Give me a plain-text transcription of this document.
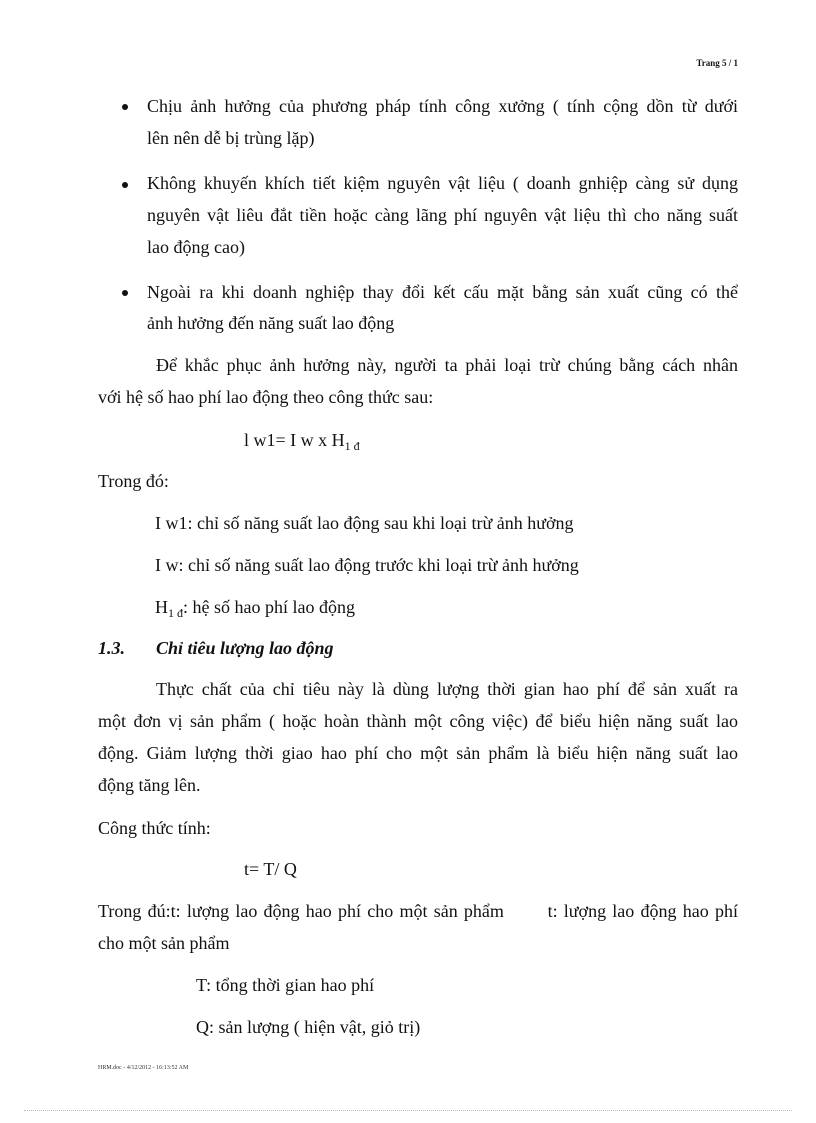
Trang 5 / 1
Chịu ảnh hưởng của phương pháp tính công xưởng ( tính cộng dồn từ dưới
lên nên dễ bị trùng lặp)
Không khuyến khích tiết kiệm nguyên vật liệu ( doanh gnhiệp càng sử dụng
nguyên vật liêu đắt tiền hoặc càng lãng phí nguyên vật liệu thì cho năng suất
lao động cao)
Ngoài ra khi doanh nghiệp thay đổi kết cấu mặt bằng sản xuất cũng có thể
ảnh hưởng đến năng suất lao động
Để khắc phục ảnh hưởng này, người ta phải loại trừ chúng bằng cách nhân
với hệ số hao phí lao động theo công thức sau:
l w1= I w x $H_{1 đ}$
Trong đó:
I w1: chỉ số năng suất lao động sau khi loại trừ ảnh hưởng
I w: chỉ số năng suất lao động trước khi loại trừ ảnh hưởng
$H_{1 đ}$: hệ số hao phí lao động
1.3. Chỉ tiêu lượng lao động
Thực chất của chỉ tiêu này là dùng lượng thời gian hao phí để sản xuất ra
một đơn vị sản phẩm ( hoặc hoàn thành một công việc) để biểu hiện năng suất lao
động. Giảm lượng thời giao hao phí cho một sản phẩm là biểu hiện năng suất lao
động tăng lên.
Công thức tính:
t= T/ Q
Trong đú:t: lượng lao động hao phí cho một sản phẩm       t: lượng lao động hao phí
cho một sản phẩm
T: tổng thời gian hao phí
Q: sản lượng ( hiện vật, giỏ trị)
HRM.doc - 4/12/2012 - 16:13:52 AM
